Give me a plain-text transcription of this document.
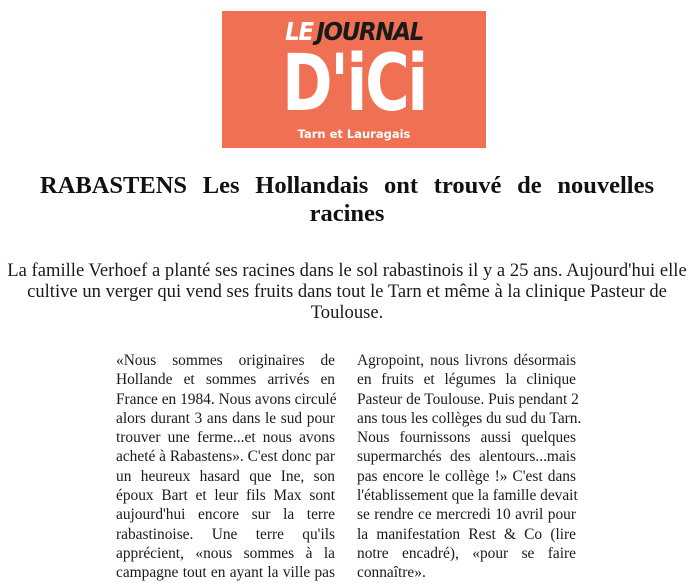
LE JOURNAL
D'iCi
Tarn et Lauragais
RABASTENS Les Hollandais ont trouvé de nouvelles
racines

La famille Verhoef a planté ses racines dans le sol rabastinois il y a 25 ans. Aujourd'hui elle
cultive un verger qui vend ses fruits dans tout le Tarn et même à la clinique Pasteur de
Toulouse.

«Nous sommes originaires de
Hollande et sommes arrivés en
France en 1984. Nous avons circulé
alors durant 3 ans dans le sud pour
trouver une ferme...et nous avons
acheté à Rabastens». C'est donc par
un heureux hasard que Ine, son
époux Bart et leur fils Max sont
aujourd'hui encore sur la terre
rabastinoise. Une terre qu'ils
apprécient, «nous sommes à la
campagne tout en ayant la ville pas
Agropoint, nous livrons désormais
en fruits et légumes la clinique
Pasteur de Toulouse. Puis pendant 2
ans tous les collèges du sud du Tarn.
Nous fournissons aussi quelques
supermarchés des alentours...mais
pas encore le collège !» C'est dans
l'établissement que la famille devait
se rendre ce mercredi 10 avril pour
la manifestation Rest & Co (lire
notre encadré), «pour se faire
connaître».
